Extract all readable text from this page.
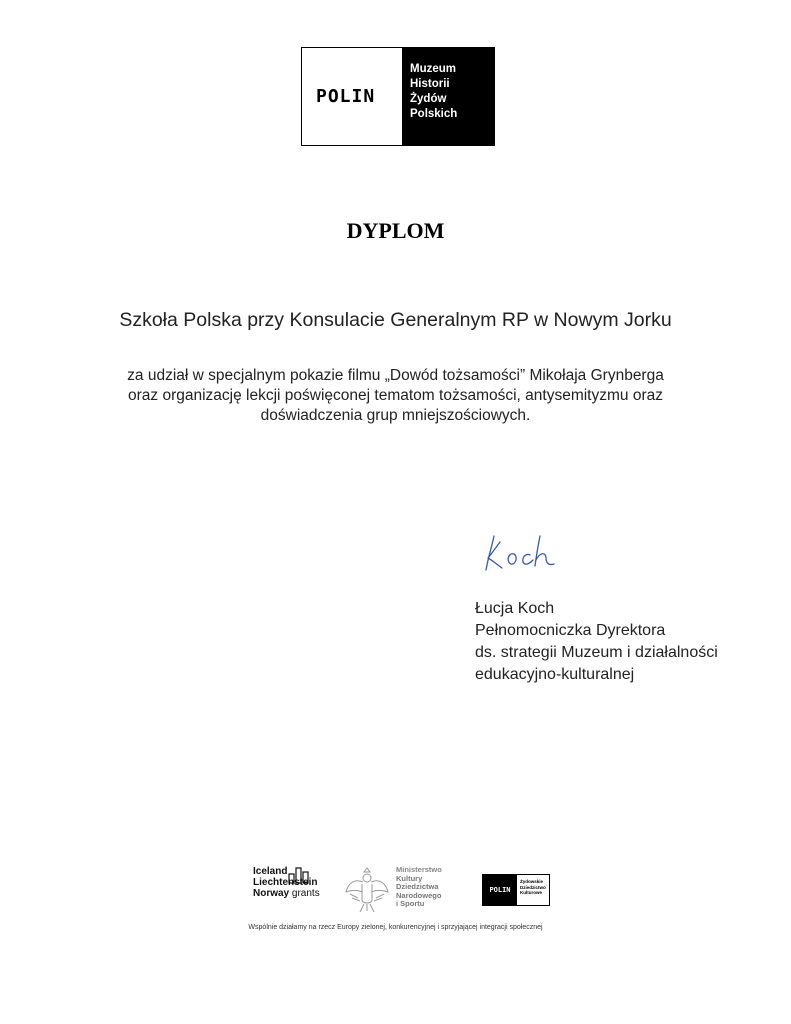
POLIN
Muzeum
Historii
Żydów
Polskich
DYPLOM
Szkoła Polska przy Konsulacie Generalnym RP w Nowym Jorku
za udział w specjalnym pokazie filmu „Dowód tożsamości” Mikołaja Grynberga
oraz organizację lekcji poświęconej tematom tożsamości, antysemityzmu oraz
doświadczenia grup mniejszościowych.
Łucja Koch
Pełnomocniczka Dyrektora
ds. strategii Muzeum i działalności
edukacyjno-kulturalnej
Iceland
Liechtenstein
Norway grants
Ministerstwo
Kultury
Dziedzictwa
Narodowego
i Sportu
POLIN
Żydowskie
Dziedzictwo
Kulturowe
Wspólnie działamy na rzecz Europy zielonej, konkurencyjnej i sprzyjającej integracji społecznej
